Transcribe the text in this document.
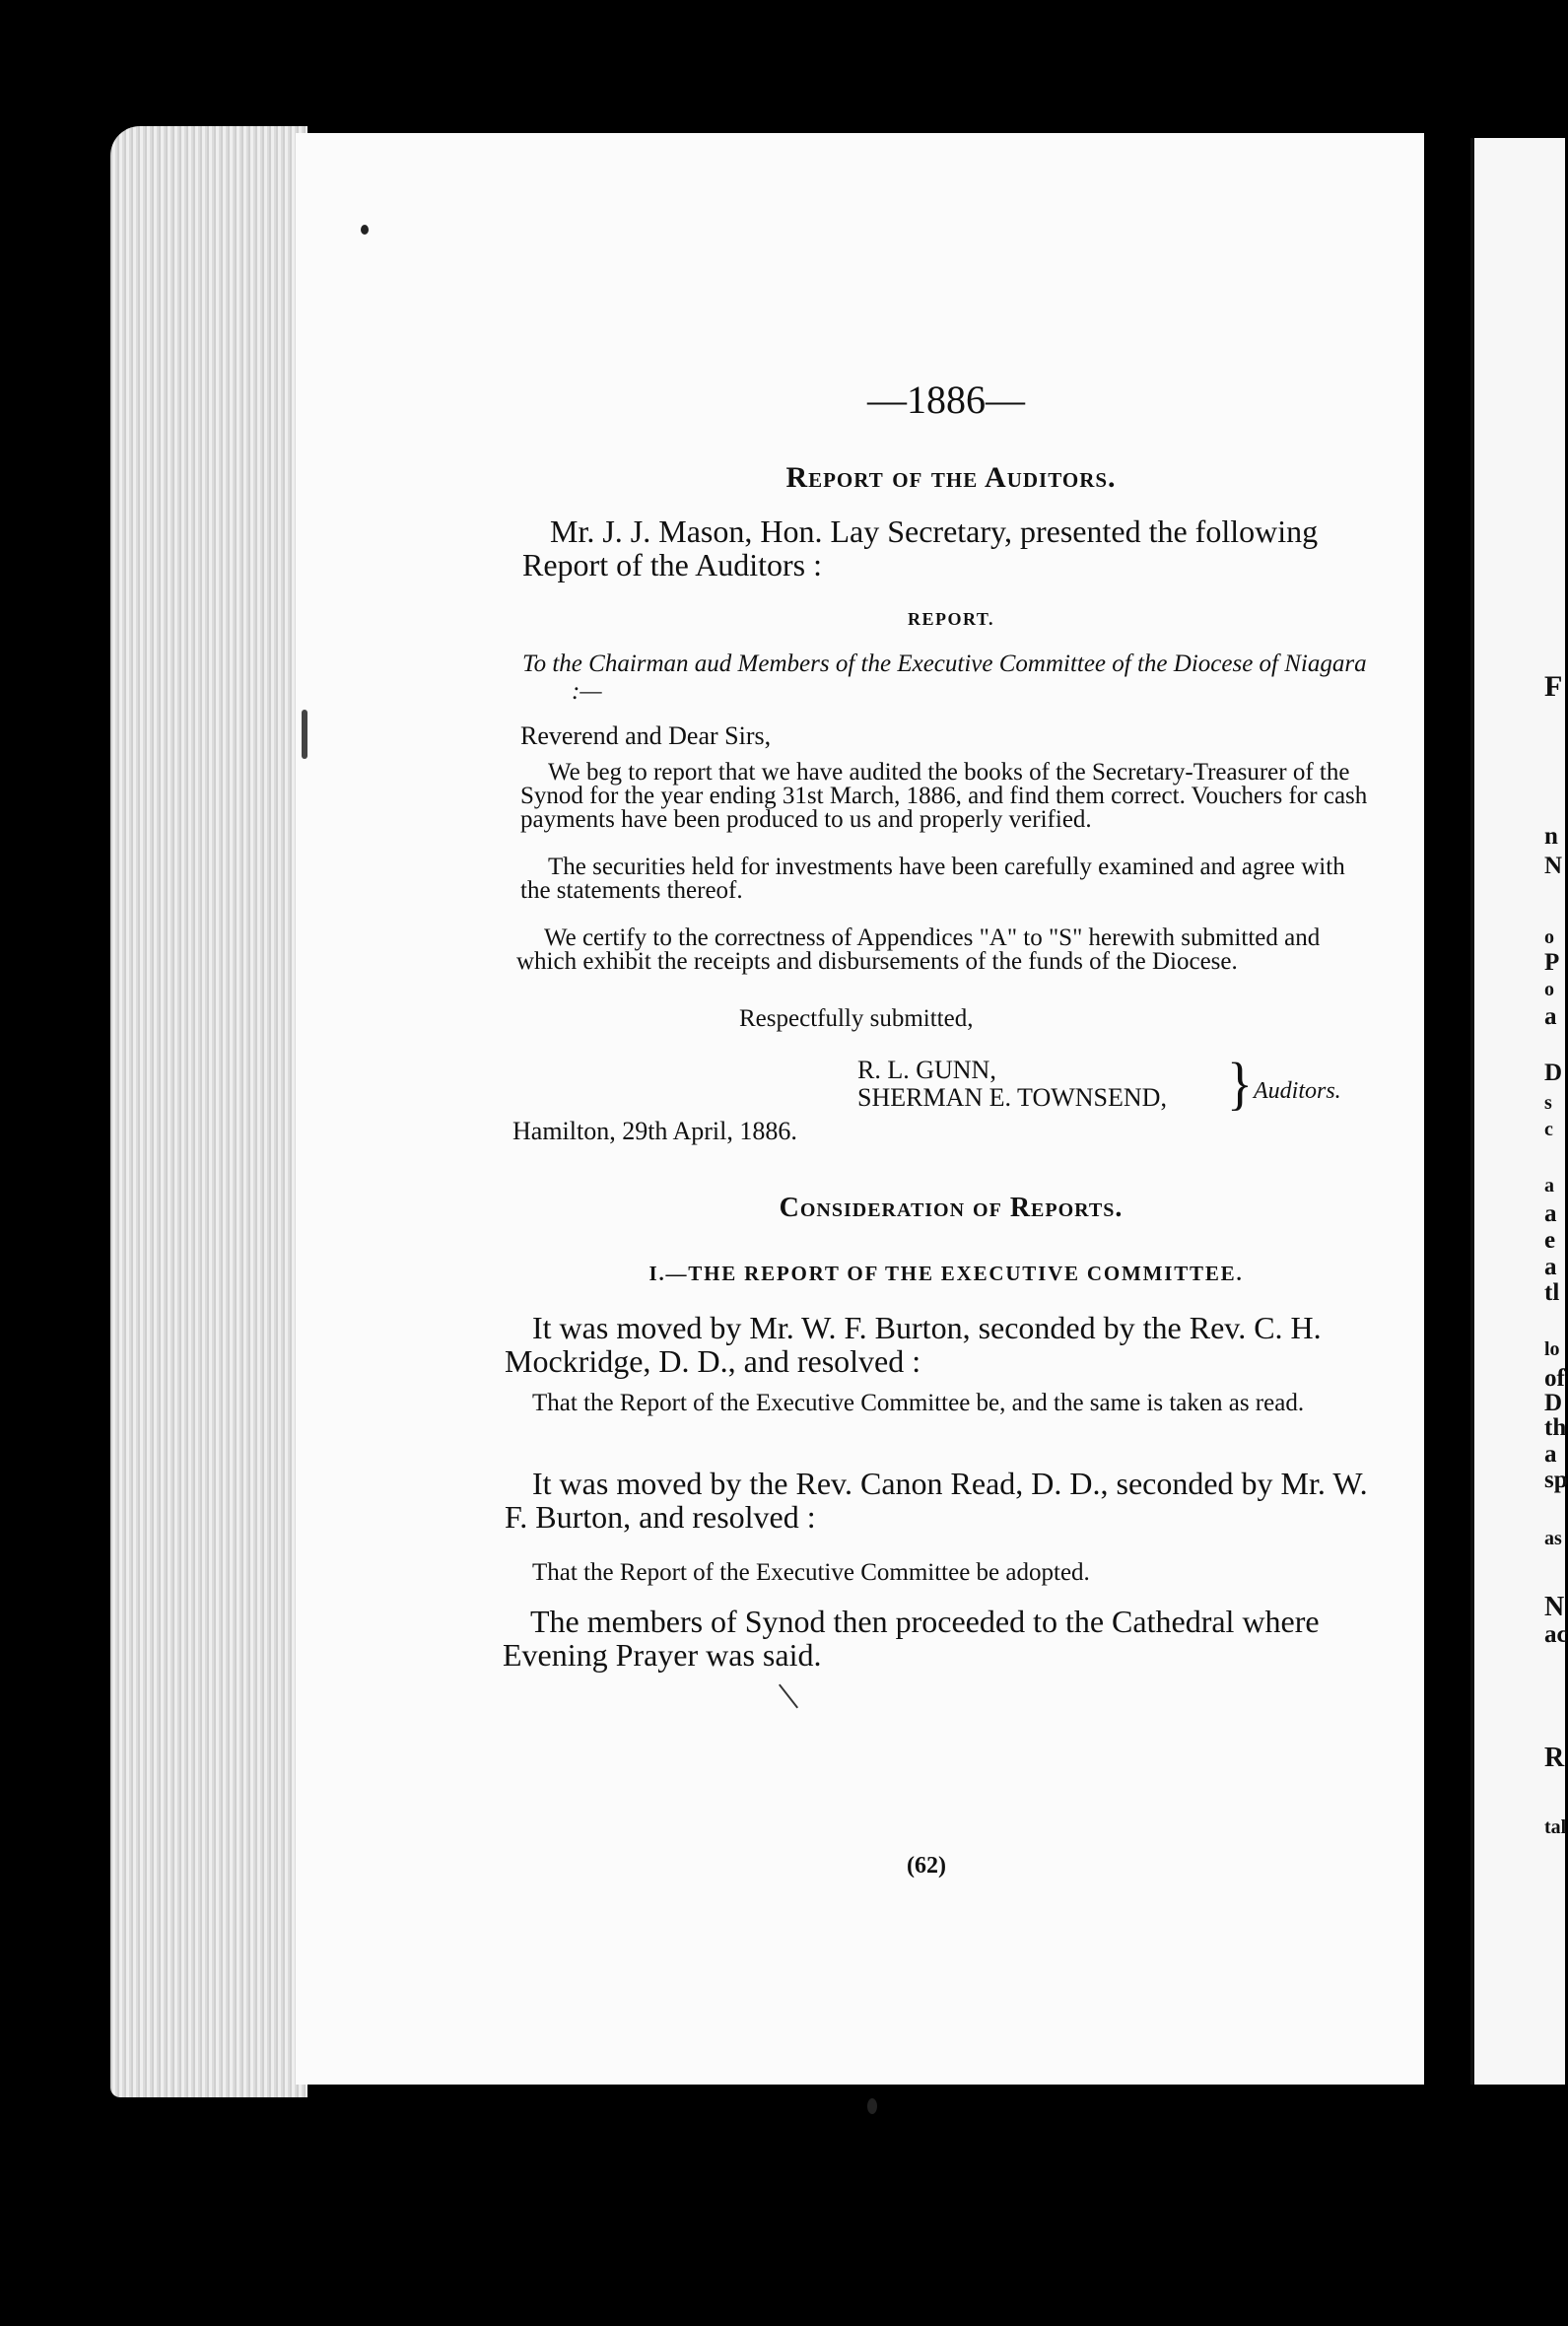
—1886—
Report of the Auditors.
Mr. J. J. Mason, Hon. Lay Secretary, presented the following Report of the Auditors :
REPORT.
To the Chairman aud Members of the Executive Committee of the Diocese of Niagara :—
Reverend and Dear Sirs,
We beg to report that we have audited the books of the Secretary-Treasurer of the Synod for the year ending 31st March, 1886, and find them correct. Vouchers for cash payments have been produced to us and properly verified.
The securities held for investments have been carefully examined and agree with the statements thereof.
We certify to the correctness of Appendices "A" to "S" herewith submitted and which exhibit the receipts and disbursements of the funds of the Diocese.
Respectfully submitted,
R. L. GUNN,
SHERMAN E. TOWNSEND, } Auditors.
Hamilton, 29th April, 1886.
Consideration of Reports.
I.—THE REPORT OF THE EXECUTIVE COMMITTEE.
It was moved by Mr. W. F. Burton, seconded by the Rev. C. H. Mockridge, D. D., and resolved :
That the Report of the Executive Committee be, and the same is taken as read.
It was moved by the Rev. Canon Read, D. D., seconded by Mr. W. F. Burton, and resolved :
That the Report of the Executive Committee be adopted.
The members of Synod then proceeded to the Cathedral where Evening Prayer was said.
(62)
F
n
N
o
P
o
a
D
s
c
a
a
e
a
tl
lo
of
D
th
a
sp
as
N
ac
R
tal
